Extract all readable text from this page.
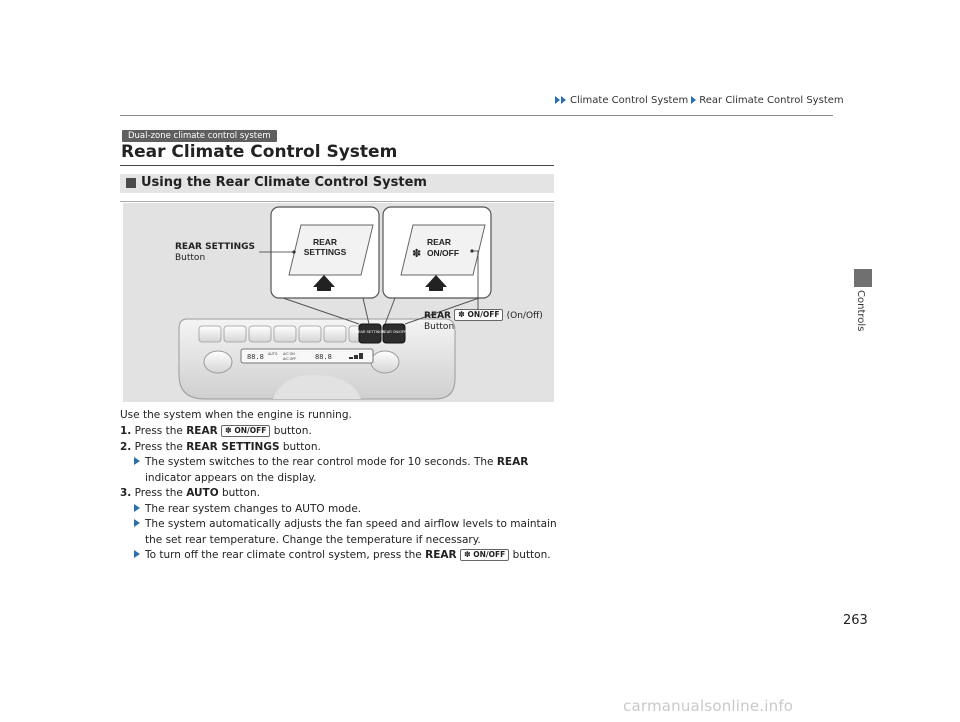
Climate Control System Rear Climate Control System
Controls
Dual-zone climate control system
Rear Climate Control System
Using the Rear Climate Control System
REAR SETTINGS
REAR ON/OFF
88.8 AUTO A/C ON
A/C OFF	88.8
REAR
SETTINGS
REAR
ON/OFF
✽
REAR SETTINGS
Button
REAR ✽ ON/OFF (On/Off)
Button
Use the system when the engine is running.
1. Press the REAR ✽ ON/OFF button.
2. Press the REAR SETTINGS button.
The system switches to the rear control mode for 10 seconds. The REAR
indicator appears on the display.
3. Press the AUTO button.
The rear system changes to AUTO mode.
The system automatically adjusts the fan speed and airflow levels to maintain
the set rear temperature. Change the temperature if necessary.
To turn off the rear climate control system, press the REAR ✽ ON/OFF button.
263
carmanualsonline.info
